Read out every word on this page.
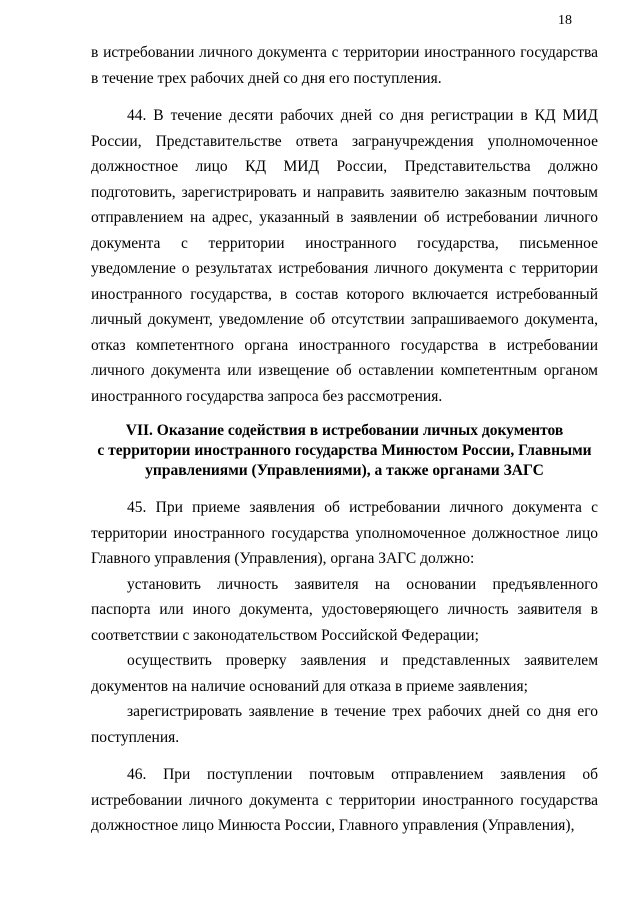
18

в истребовании личного документа с территории иностранного государства в течение трех рабочих дней со дня его поступления.

44. В течение десяти рабочих дней со дня регистрации в КД МИД России, Представительстве ответа загранучреждения уполномоченное должностное лицо КД МИД России, Представительства должно подготовить, зарегистрировать и направить заявителю заказным почтовым отправлением на адрес, указанный в заявлении об истребовании личного документа с территории иностранного государства, письменное уведомление о результатах истребования личного документа с территории иностранного государства, в состав которого включается истребованный личный документ, уведомление об отсутствии запрашиваемого документа, отказ компетентного органа иностранного государства в истребовании личного документа или извещение об оставлении компетентным органом иностранного государства запроса без рассмотрения.

VII. Оказание содействия в истребовании личных документов
с территории иностранного государства Минюстом России, Главными
управлениями (Управлениями), а также органами ЗАГС

45. При приеме заявления об истребовании личного документа с территории иностранного государства уполномоченное должностное лицо Главного управления (Управления), органа ЗАГС должно:

установить личность заявителя на основании предъявленного паспорта или иного документа, удостоверяющего личность заявителя в соответствии с законодательством Российской Федерации;

осуществить проверку заявления и представленных заявителем документов на наличие оснований для отказа в приеме заявления;

зарегистрировать заявление в течение трех рабочих дней со дня его поступления.

46. При поступлении почтовым отправлением заявления об истребовании личного документа с территории иностранного государства должностное лицо Минюста России, Главного управления (Управления),
